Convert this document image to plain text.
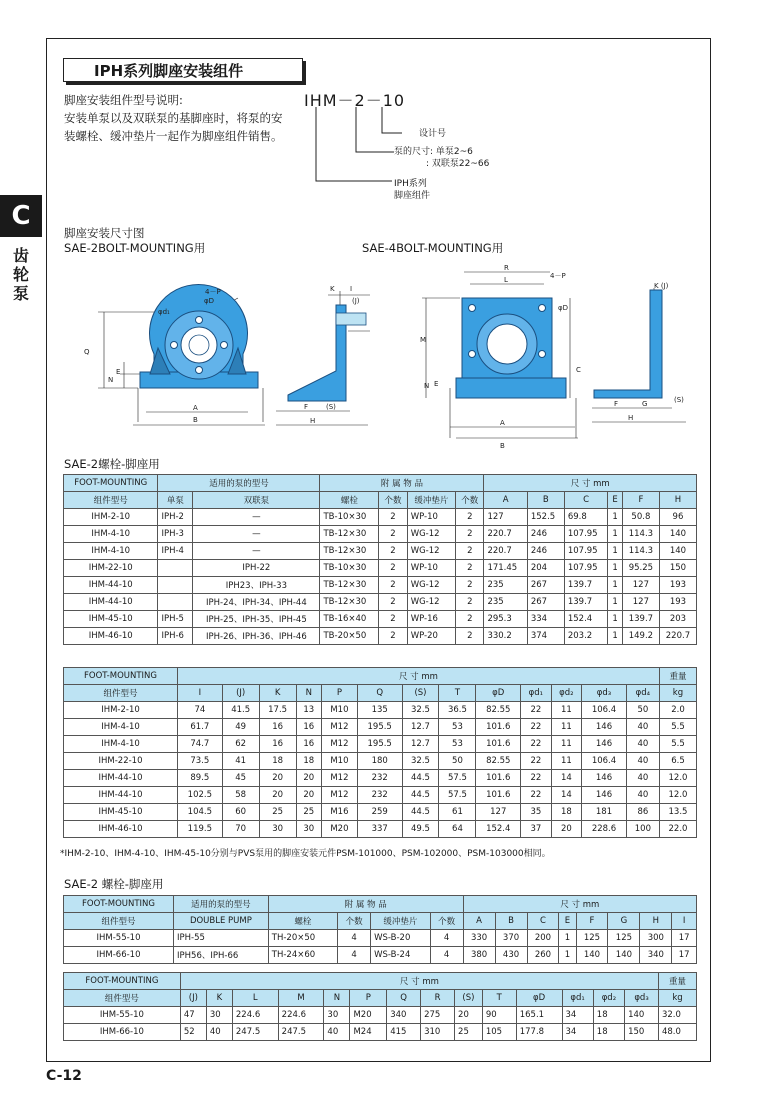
IPH系列脚座安装组件
C
齿轮泵
脚座安装组件型号说明:
安装单泵以及双联泵的基脚座时，将泵的安装螺栓、缓冲垫片一起作为脚座组件销售。
IHM－2－10
设计号
泵的尺寸: 单泵2~6
: 双联泵22~66
IPH系列
脚座组件
脚座安装尺寸图
SAE-2BOLT-MOUNTING用	SAE-4BOLT-MOUNTING用
4－P
φd₁
φD
Q
N
E
A
B
K I
(J)
F	(S)
H
R
L	4－P
φD
M
C
N E
A
B
K (J)
F	G	(S)
H
SAE-2螺栓-脚座用
FOOT-MOUNTING	适用的泵的型号		附 属 物 品				尺 寸 mm					
组件型号	单泵	双联泵	螺栓	个数	缓冲垫片	个数	A	B	C	E	F	H
IHM-2-10	IPH-2	—	TB-10×30	2	WP-10	2	127	152.5	69.8	1	50.8	96
IHM-4-10	IPH-3	—	TB-12×30	2	WG-12	2	220.7	246	107.95	1	114.3	140
IHM-4-10	IPH-4	—	TB-12×30	2	WG-12	2	220.7	246	107.95	1	114.3	140
IHM-22-10		IPH-22	TB-10×30	2	WP-10	2	171.45	204	107.95	1	95.25	150
IHM-44-10		IPH23、IPH-33	TB-12×30	2	WG-12	2	235	267	139.7	1	127	193
IHM-44-10		IPH-24、IPH-34、IPH-44	TB-12×30	2	WG-12	2	235	267	139.7	1	127	193
IHM-45-10	IPH-5	IPH-25、IPH-35、IPH-45	TB-16×40	2	WP-16	2	295.3	334	152.4	1	139.7	203
IHM-46-10	IPH-6	IPH-26、IPH-36、IPH-46	TB-20×50	2	WP-20	2	330.2	374	203.2	1	149.2	220.7
FOOT-MOUNTING	尺 寸 mm													重量
组件型号	I	(J)	K	N	P	Q	(S)	T	φD	φd₁	φd₂	φd₃	φd₄	kg
IHM-2-10	74	41.5	17.5	13	M10	135	32.5	36.5	82.55	22	11	106.4	50	2.0
IHM-4-10	61.7	49	16	16	M12	195.5	12.7	53	101.6	22	11	146	40	5.5
IHM-4-10	74.7	62	16	16	M12	195.5	12.7	53	101.6	22	11	146	40	5.5
IHM-22-10	73.5	41	18	18	M10	180	32.5	50	82.55	22	11	106.4	40	6.5
IHM-44-10	89.5	45	20	20	M12	232	44.5	57.5	101.6	22	14	146	40	12.0
IHM-44-10	102.5	58	20	20	M12	232	44.5	57.5	101.6	22	14	146	40	12.0
IHM-45-10	104.5	60	25	25	M16	259	44.5	61	127	35	18	181	86	13.5
IHM-46-10	119.5	70	30	30	M20	337	49.5	64	152.4	37	20	228.6	100	22.0
*IHM-2-10、IHM-4-10、IHM-45-10分别与PVS泵用的脚座安装元件PSM-101000、PSM-102000、PSM-103000相同。
SAE-2 螺栓-脚座用
FOOT-MOUNTING	适用的泵的型号	附 属 物 品				尺 寸 mm							
组件型号	DOUBLE PUMP	螺栓	个数	缓冲垫片	个数	A	B	C	E	F	G	H	I
IHM-55-10	IPH-55	TH-20×50	4	WS-B-20	4	330	370	200	1	125	125	300	17
IHM-66-10	IPH56、IPH-66	TH-24×60	4	WS-B-24	4	380	430	260	1	140	140	340	17
FOOT-MOUNTING	尺 寸 mm														重量
组件型号	(J)	K	L	M	N	P	Q	R	(S)	T	φD	φd₁	φd₂	φd₃	kg
IHM-55-10	47	30	224.6	224.6	30	M20	340	275	20	90	165.1	34	18	140	32.0
IHM-66-10	52	40	247.5	247.5	40	M24	415	310	25	105	177.8	34	18	150	48.0
C-12
